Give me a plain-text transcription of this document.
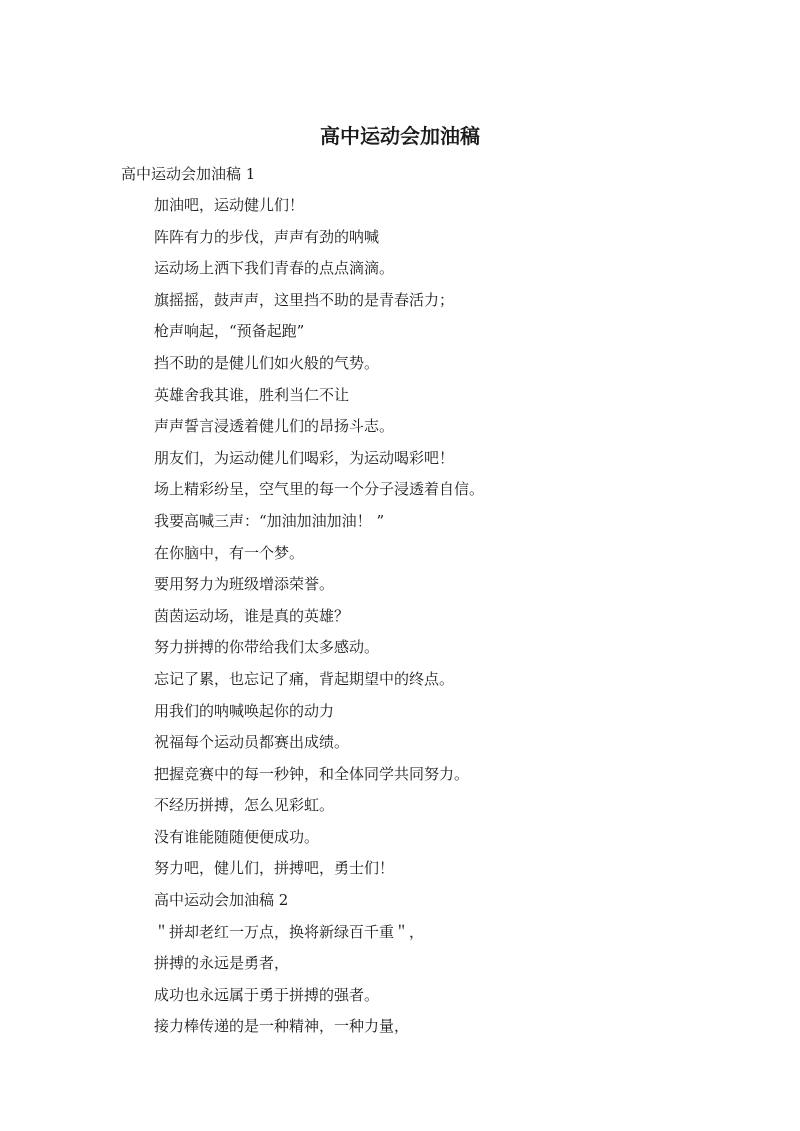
高中运动会加油稿

高中运动会加油稿 1

加油吧，运动健儿们！
阵阵有力的步伐，声声有劲的呐喊
运动场上洒下我们青春的点点滴滴。
旗摇摇，鼓声声，这里挡不助的是青春活力；
枪声响起，“预备起跑”
挡不助的是健儿们如火般的气势。
英雄舍我其谁，胜利当仁不让
声声誓言浸透着健儿们的昂扬斗志。
朋友们，为运动健儿们喝彩，为运动喝彩吧！
场上精彩纷呈，空气里的每一个分子浸透着自信。
我要高喊三声：“加油加油加油！ ”
在你脑中，有一个梦。
要用努力为班级增添荣誉。
茵茵运动场，谁是真的英雄？
努力拼搏的你带给我们太多感动。
忘记了累，也忘记了痛，背起期望中的终点。
用我们的呐喊唤起你的动力
祝福每个运动员都赛出成绩。
把握竞赛中的每一秒钟，和全体同学共同努力。
不经历拼搏，怎么见彩虹。
没有谁能随随便便成功。
努力吧，健儿们，拼搏吧，勇士们！
高中运动会加油稿 2
＂拼却老红一万点，换将新绿百千重＂，
拼搏的永远是勇者，
成功也永远属于勇于拼搏的强者。
接力棒传递的是一种精神，一种力量，
